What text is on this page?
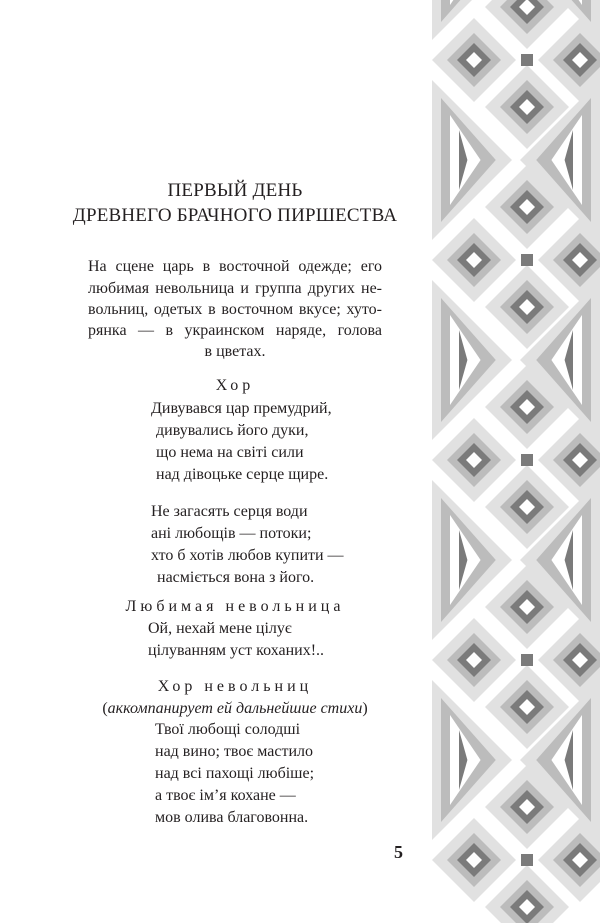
ПЕРВЫЙ ДЕНЬ
ДРЕВНЕГО БРАЧНОГО ПИРШЕСТВА
На сцене царь в восточной одежде; его
любимая невольница и группа других не-
вольниц, одетых в восточном вкусе; хуто-
рянка — в украинском наряде, голова
в цветах.
Хор
Дивувався цар премудрий,
дивувались його дуки,
що нема на світі сили
над дівоцьке серце щире.
Не загасять серця води
ані любощів — потоки;
хто б хотів любов купити —
насміється вона з його.
Любимая невольница
Ой, нехай мене цілує
цілуванням уст коханих!..
Хор невольниц
(аккомпанирует ей дальнейшие стихи)
Твої любощі солодші
над вино; твоє мастило
над всі пахощі любіше;
а твоє ім’я кохане —
мов олива благовонна.
5
